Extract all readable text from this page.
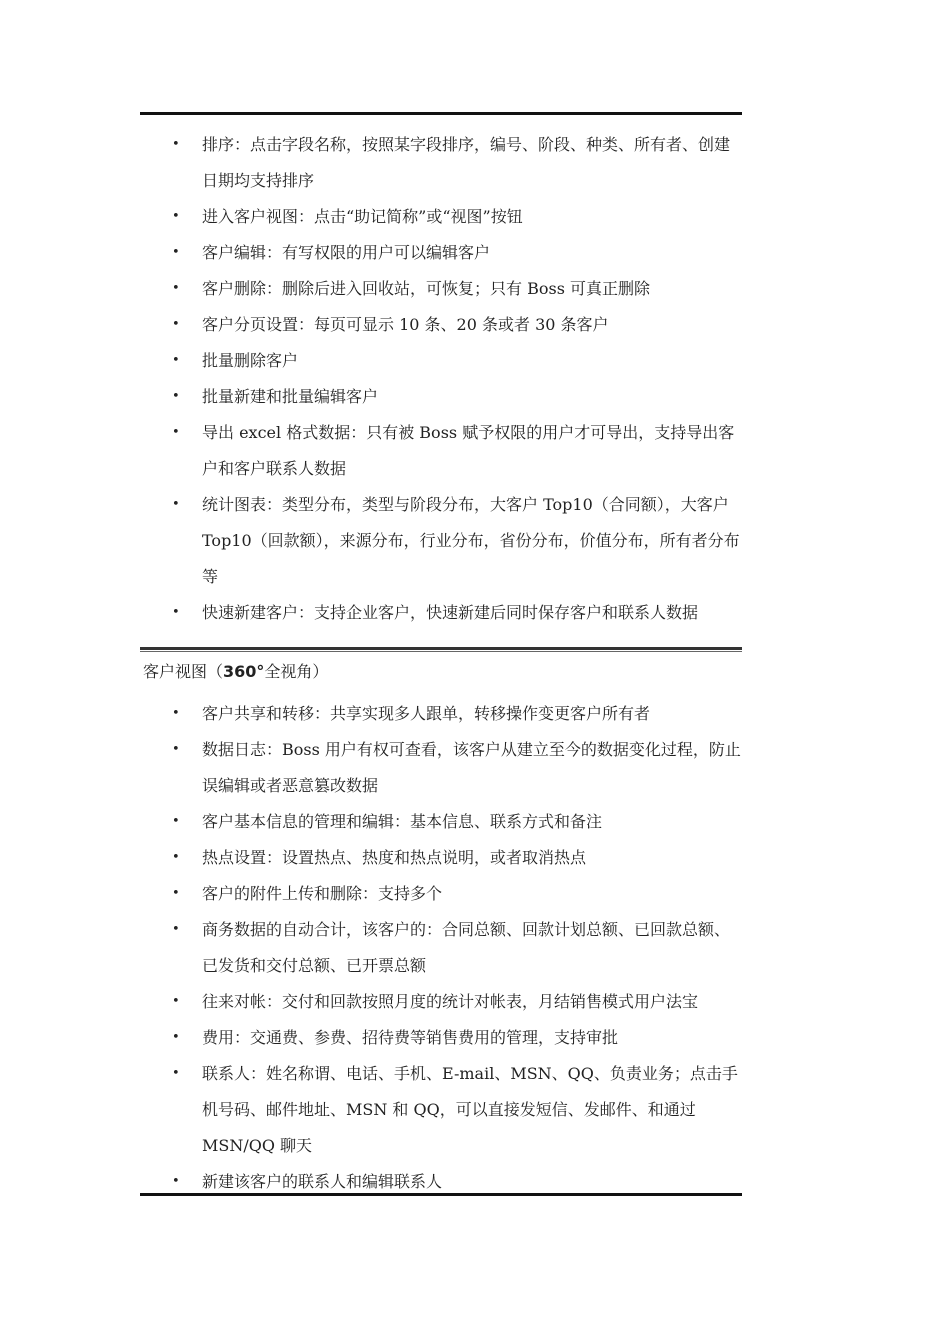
• 排序：点击字段名称，按照某字段排序，编号、阶段、种类、所有者、创建日期均支持排序
• 进入客户视图：点击“助记简称”或“视图”按钮
• 客户编辑：有写权限的用户可以编辑客户
• 客户删除：删除后进入回收站，可恢复；只有 Boss 可真正删除
• 客户分页设置：每页可显示 10 条、20 条或者 30 条客户
• 批量删除客户
• 批量新建和批量编辑客户
• 导出 excel 格式数据：只有被 Boss 赋予权限的用户才可导出，支持导出客户和客户联系人数据
• 统计图表：类型分布，类型与阶段分布，大客户 Top10（合同额），大客户 Top10（回款额），来源分布，行业分布，省份分布，价值分布，所有者分布等
• 快速新建客户：支持企业客户，快速新建后同时保存客户和联系人数据
客户视图（360°全视角）
• 客户共享和转移：共享实现多人跟单，转移操作变更客户所有者
• 数据日志：Boss 用户有权可查看，该客户从建立至今的数据变化过程，防止误编辑或者恶意篡改数据
• 客户基本信息的管理和编辑：基本信息、联系方式和备注
• 热点设置：设置热点、热度和热点说明，或者取消热点
• 客户的附件上传和删除：支持多个
• 商务数据的自动合计，该客户的：合同总额、回款计划总额、已回款总额、已发货和交付总额、已开票总额
• 往来对帐：交付和回款按照月度的统计对帐表，月结销售模式用户法宝
• 费用：交通费、参费、招待费等销售费用的管理，支持审批
• 联系人：姓名称谓、电话、手机、E-mail、MSN、QQ、负责业务；点击手机号码、邮件地址、MSN 和 QQ，可以直接发短信、发邮件、和通过 MSN/QQ 聊天
• 新建该客户的联系人和编辑联系人
